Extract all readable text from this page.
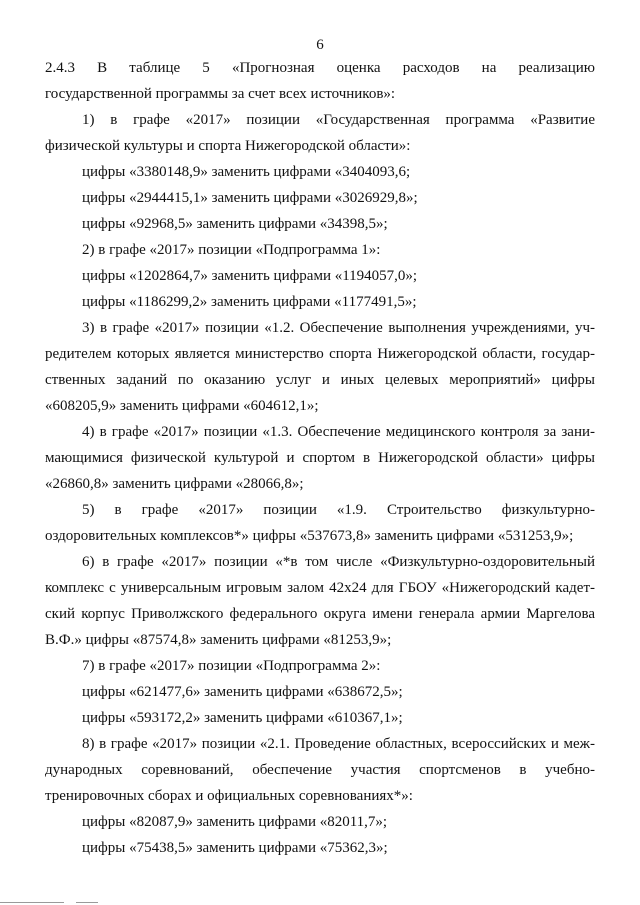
6
2.4.3 В таблице 5 «Прогнозная оценка расходов на реализацию
государственной программы за счет всех источников»:
1) в графе «2017» позиции «Государственная программа «Развитие
физической культуры и спорта Нижегородской области»:
цифры «3380148,9» заменить цифрами «3404093,6;
цифры «2944415,1» заменить цифрами «3026929,8»;
цифры «92968,5» заменить цифрами «34398,5»;
2) в графе «2017» позиции «Подпрограмма 1»:
цифры «1202864,7» заменить цифрами «1194057,0»;
цифры «1186299,2» заменить цифрами «1177491,5»;
3) в графе «2017» позиции «1.2. Обеспечение выполнения учреждениями, уч-
редителем которых является министерство спорта Нижегородской области, государ-
ственных заданий по оказанию услуг и иных целевых мероприятий» цифры
«608205,9» заменить цифрами «604612,1»;
4) в графе «2017» позиции «1.3. Обеспечение медицинского контроля за зани-
мающимися физической культурой и спортом в Нижегородской области» цифры
«26860,8» заменить цифрами «28066,8»;
5) в графе «2017» позиции «1.9. Строительство физкультурно-
оздоровительных комплексов*» цифры «537673,8» заменить цифрами «531253,9»;
6) в графе «2017» позиции «*в том числе «Физкультурно-оздоровительный
комплекс с универсальным игровым залом 42х24 для ГБОУ «Нижегородский кадет-
ский корпус Приволжского федерального округа имени генерала армии Маргелова
В.Ф.» цифры «87574,8» заменить цифрами «81253,9»;
7) в графе «2017» позиции «Подпрограмма 2»:
цифры «621477,6» заменить цифрами «638672,5»;
цифры «593172,2» заменить цифрами «610367,1»;
8) в графе «2017» позиции «2.1. Проведение областных, всероссийских и меж-
дународных соревнований, обеспечение участия спортсменов в учебно-
тренировочных сборах и официальных соревнованиях*»:
цифры «82087,9» заменить цифрами «82011,7»;
цифры «75438,5» заменить цифрами «75362,3»;
